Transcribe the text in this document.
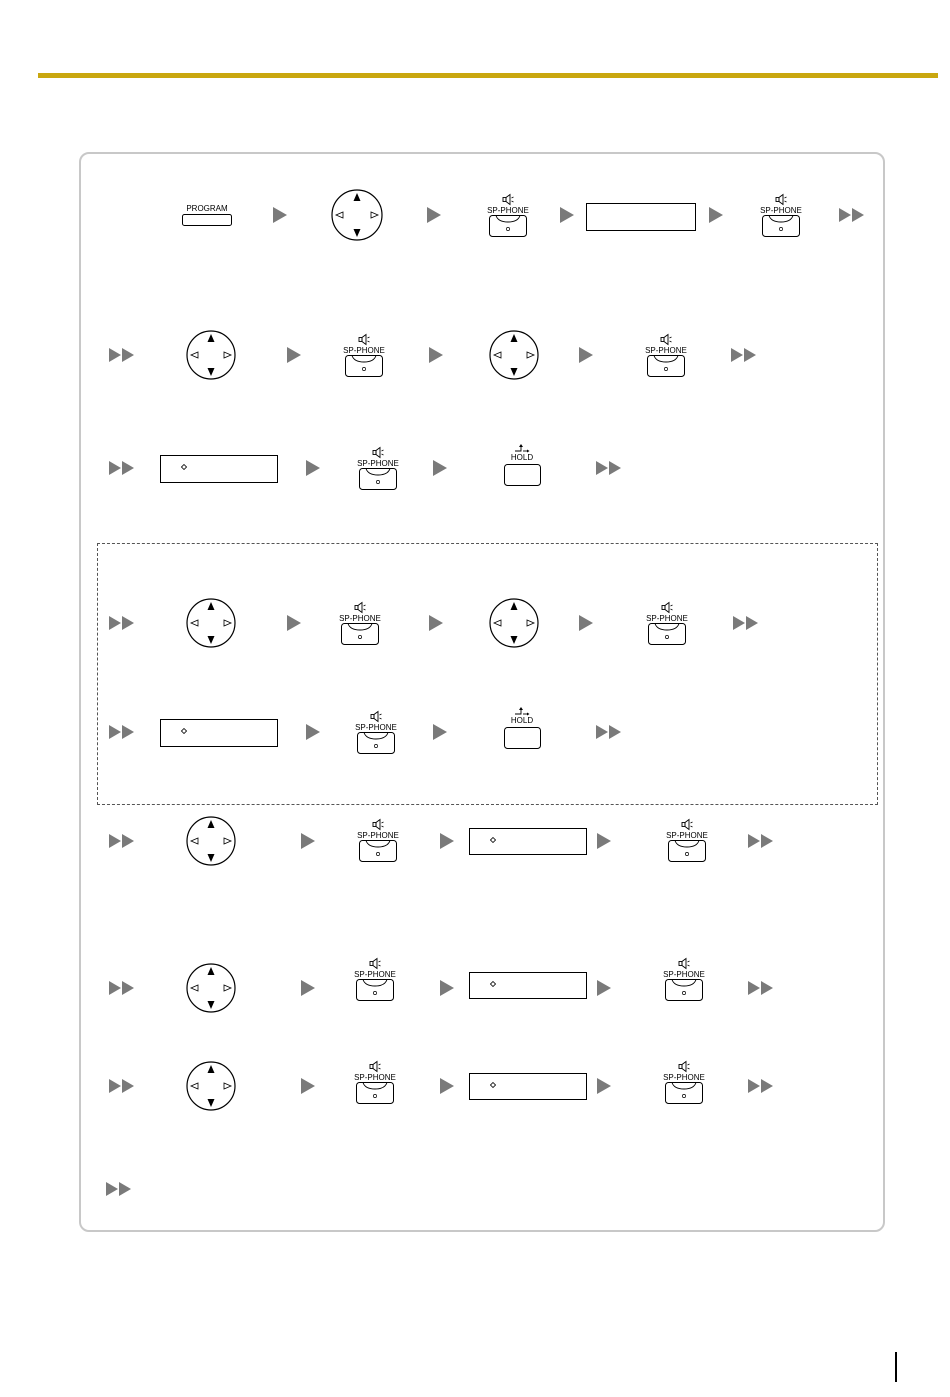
PROGRAM	SP-PHONE	SP-PHONE
SP-PHONE	SP-PHONE
SP-PHONE
HOLD
SP-PHONE	SP-PHONE
SP-PHONE
HOLD
SP-PHONE	SP-PHONE
SP-PHONE	SP-PHONE
SP-PHONE	SP-PHONE
